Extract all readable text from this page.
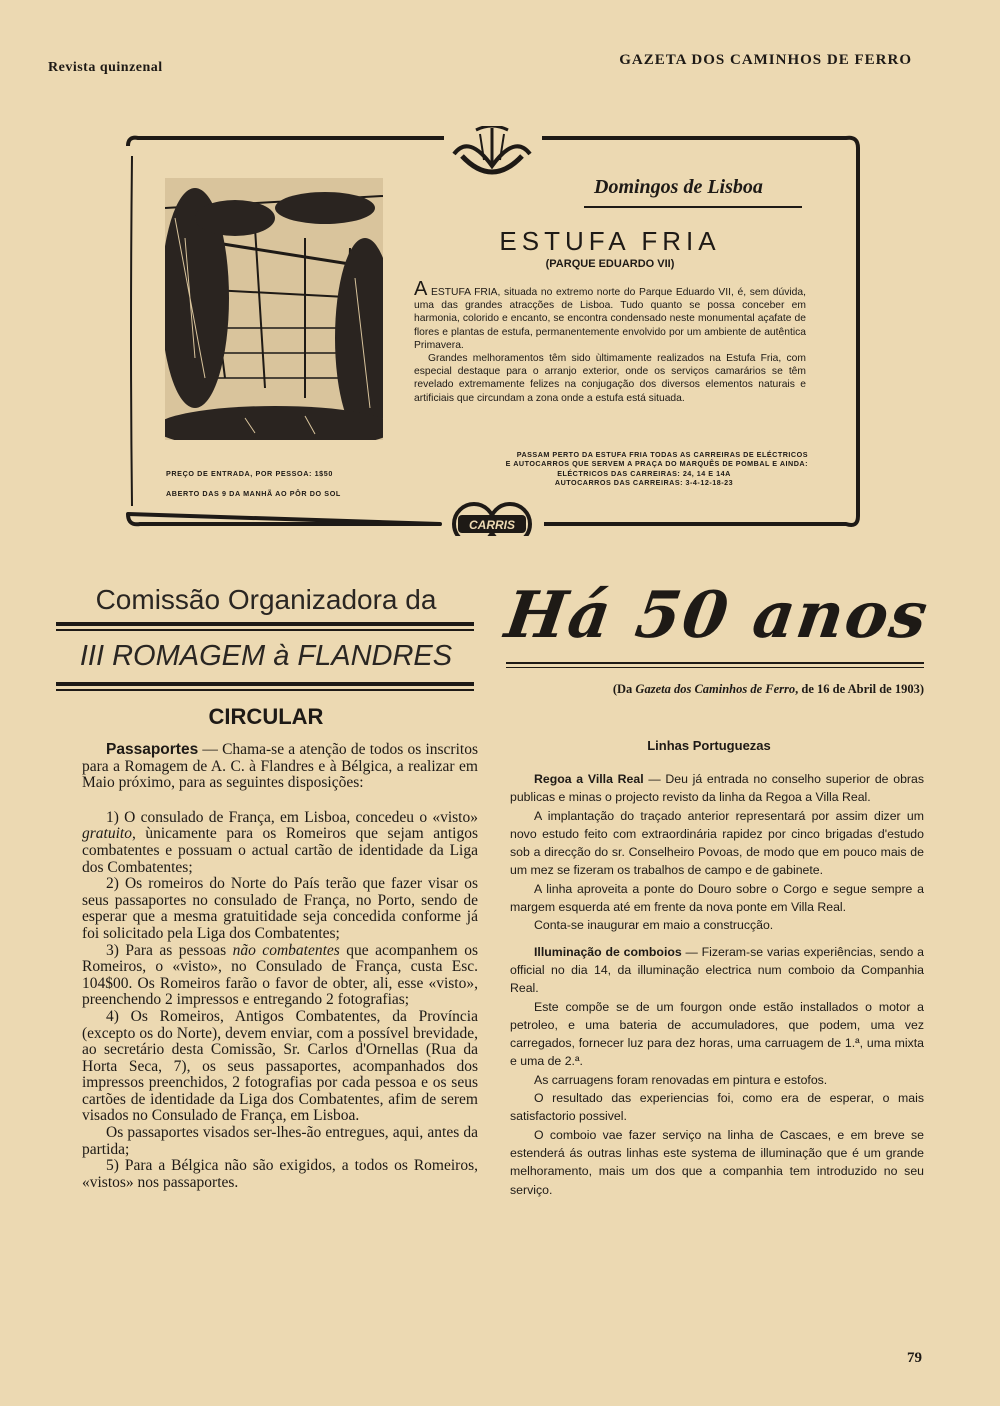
Revista quinzenal	GAZETA DOS CAMINHOS DE FERRO
CARRIS
Domingos de Lisboa
ESTUFA FRIA
(PARQUE EDUARDO VII)

A ESTUFA FRIA, situada no extremo norte do Parque Eduardo VII, é, sem dúvida, uma das grandes atracções de Lisboa. Tudo quanto se possa conceber em harmonia, colorido e encanto, se encontra condensado neste monumental açafate de flores e plantas de estufa, permanentemente envolvido por um ambiente de autêntica Primavera.

Grandes melhoramentos têm sido ùltimamente realizados na Estufa Fria, com especial destaque para o arranjo exterior, onde os serviços camarários se têm revelado extremamente felizes na conjugação dos diversos elementos naturais e artificiais que circundam a zona onde a estufa está situada.

PREÇO DE ENTRADA, POR PESSOA: 1$50
ABERTO DAS 9 DA MANHÃ AO PÔR DO SOL
PASSAM PERTO DA ESTUFA FRIA TODAS AS CARREIRAS DE ELÉCTRICOS
E AUTOCARROS QUE SERVEM A PRAÇA DO MARQUÊS DE POMBAL E AINDA:
ELÉCTRICOS DAS CARREIRAS: 24, 14 E 14A
AUTOCARROS DAS CARREIRAS: 3-4-12-18-23
Comissão Organizadora da
III ROMAGEM à FLANDRES
CIRCULAR

Passaportes — Chama-se a atenção de todos os inscritos para a Romagem de A. C. à Flandres e à Bélgica, a realizar em Maio próximo, para as seguintes disposições:

1) O consulado de França, em Lisboa, concedeu o «visto» gratuito, ùnicamente para os Romeiros que sejam antigos combatentes e possuam o actual cartão de identidade da Liga dos Combatentes;

2) Os romeiros do Norte do País terão que fazer visar os seus passaportes no consulado de França, no Porto, sendo de esperar que a mesma gratuitidade seja concedida conforme já foi solicitado pela Liga dos Combatentes;

3) Para as pessoas não combatentes que acompanhem os Romeiros, o «visto», no Consulado de França, custa Esc. 104$00. Os Romeiros farão o favor de obter, ali, esse «visto», preenchendo 2 impressos e entregando 2 fotografias;

4) Os Romeiros, Antigos Combatentes, da Província (excepto os do Norte), devem enviar, com a possível brevidade, ao secretário desta Comissão, Sr. Carlos d'Ornellas (Rua da Horta Seca, 7), os seus passaportes, acompanhados dos impressos preenchidos, 2 fotografias por cada pessoa e os seus cartões de identidade da Liga dos Combatentes, afim de serem visados no Consulado de França, em Lisboa.

Os passaportes visados ser-lhes-ão entregues, aqui, antes da partida;

5) Para a Bélgica não são exigidos, a todos os Romeiros, «vistos» nos passaportes.

Há 50 anos
(Da Gazeta dos Caminhos de Ferro, de 16 de Abril de 1903)
Linhas Portuguezas

Regoa a Villa Real — Deu já entrada no conselho superior de obras publicas e minas o projecto revisto da linha da Regoa a Villa Real.

A implantação do traçado anterior representará por assim dizer um novo estudo feito com extraordinária rapidez por cinco brigadas d'estudo sob a direcção do sr. Conselheiro Povoas, de modo que em pouco mais de um mez se fizeram os trabalhos de campo e de gabinete.

A linha aproveita a ponte do Douro sobre o Corgo e segue sempre a margem esquerda até em frente da nova ponte em Villa Real.

Conta-se inaugurar em maio a construcção.

Illuminação de comboios — Fizeram-se varias experiências, sendo a official no dia 14, da illuminação electrica num comboio da Companhia Real.

Este compõe se de um fourgon onde estão installados o motor a petroleo, e uma bateria de accumuladores, que podem, uma vez carregados, fornecer luz para dez horas, uma carruagem de 1.ª, uma mixta e uma de 2.ª.

As carruagens foram renovadas em pintura e estofos.

O resultado das experiencias foi, como era de esperar, o mais satisfactorio possivel.

O comboio vae fazer serviço na linha de Cascaes, e em breve se estenderá ás outras linhas este systema de illuminação que é um grande melhoramento, mais um dos que a companhia tem introduzido no seu serviço.

79
